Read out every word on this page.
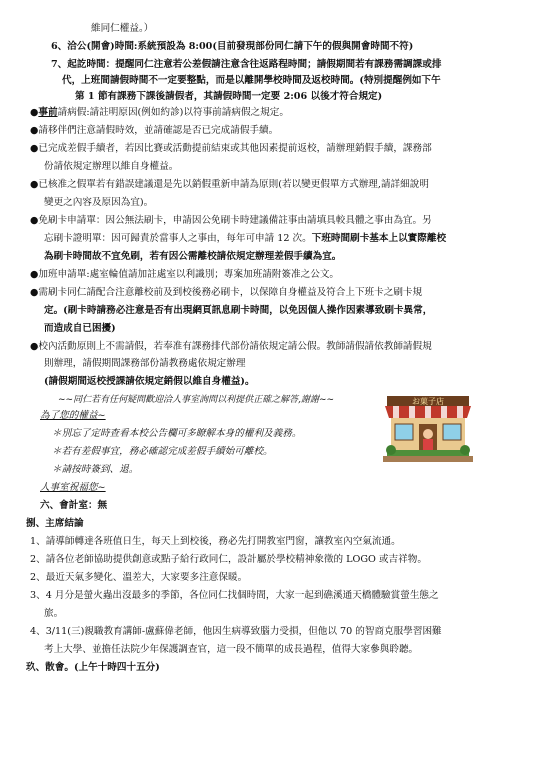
維同仁權益。）
6、洽公(開會)時間:系統預設為 8:00(目前發現部份同仁請下午的假與開會時間不符)
7、起訖時間：提醒同仁注意若公差假請注意含往返路程時間；請假期間若有課務需調課或排
代，上班間請假時間不一定要整點，而是以離開學校時間及返校時間。(特別提醒例如下午
第 1 節有課務下課後請假者，其請假時間一定要 2:06 以後才符合規定)
●事前請病假:請註明原因(例如約診)以符事前請病假之規定。
●請移伴們注意請假時效，並請確認是否已完成請假手續。
●已完成差假手續者，若因比賽或活動提前結束或其他因素提前返校，請辦理銷假手續，課務部
份請依規定辦理以維自身權益。
●已核准之假單若有錯誤建議還是先以銷假重新申請為原則(若以變更假單方式辦理,請詳細說明
變更之內容及原因為宜)。
●免刷卡申請單：因公無法刷卡，申請因公免刷卡時建議備註事由請填具較具體之事由為宜。另
忘刷卡證明單：因可歸責於當事人之事由，每年可申請 12 次。下班時間刷卡基本上以實際離校
為刷卡時間故不宜免刷，若有因公需離校請依規定辦理差假手續為宜。
●加班申請單:處室輪值請加註處室以利識別；專案加班請附簽准之公文。
●需刷卡同仁請配合注意離校前及到校後務必刷卡，以保障自身權益及符合上下班卡之刷卡規
定。(刷卡時請務必注意是否有出現網頁訊息刷卡時間，以免因個人操作因素導致刷卡異常，
而造成自已困擾)
●校內活動原則上不需請假，若奉准有課務排代部份請依規定請公假。教師請假請依教師請假規
則辦理，請假期間課務部份請教務處依規定辦理
(請假期間返校授課請依規定銷假以維自身權益)。
~~同仁若有任何疑問歡迎洽人事室詢問以利提供正確之解答,謝謝~~
為了您的權益~
＊別忘了定時查看本校公告欄可多瞭解本身的權利及義務。
＊若有差假事宜，務必確認完成差假手續始可離校。
＊請按時簽到、退。
人事室祝福您~
お菓子店
六、會計室：無
捌、主席結論
1、請導師轉達各班值日生，每天上到校後，務必先打開教室門窗，讓教室內空氣流通。
2、請各位老師協助提供創意或點子給行政同仁，設計屬於學校精神象徵的 LOGO 或吉祥物。
2、最近天氣多變化、溫差大，大家要多注意保暖。
3、4 月分是螢火蟲出沒最多的季節，各位同仁找個時間，大家一起到礁溪通天橋體驗賞螢生態之
旅。
4、3/11(三)親職教育講師-盧蘇偉老師，他因生病導致腦力受損，但他以 70 的智商克服學習困難
考上大學、並擔任法院少年保護調查官，這一段不簡單的成長過程，值得大家參與聆聽。
玖、散會。(上午十時四十五分)
